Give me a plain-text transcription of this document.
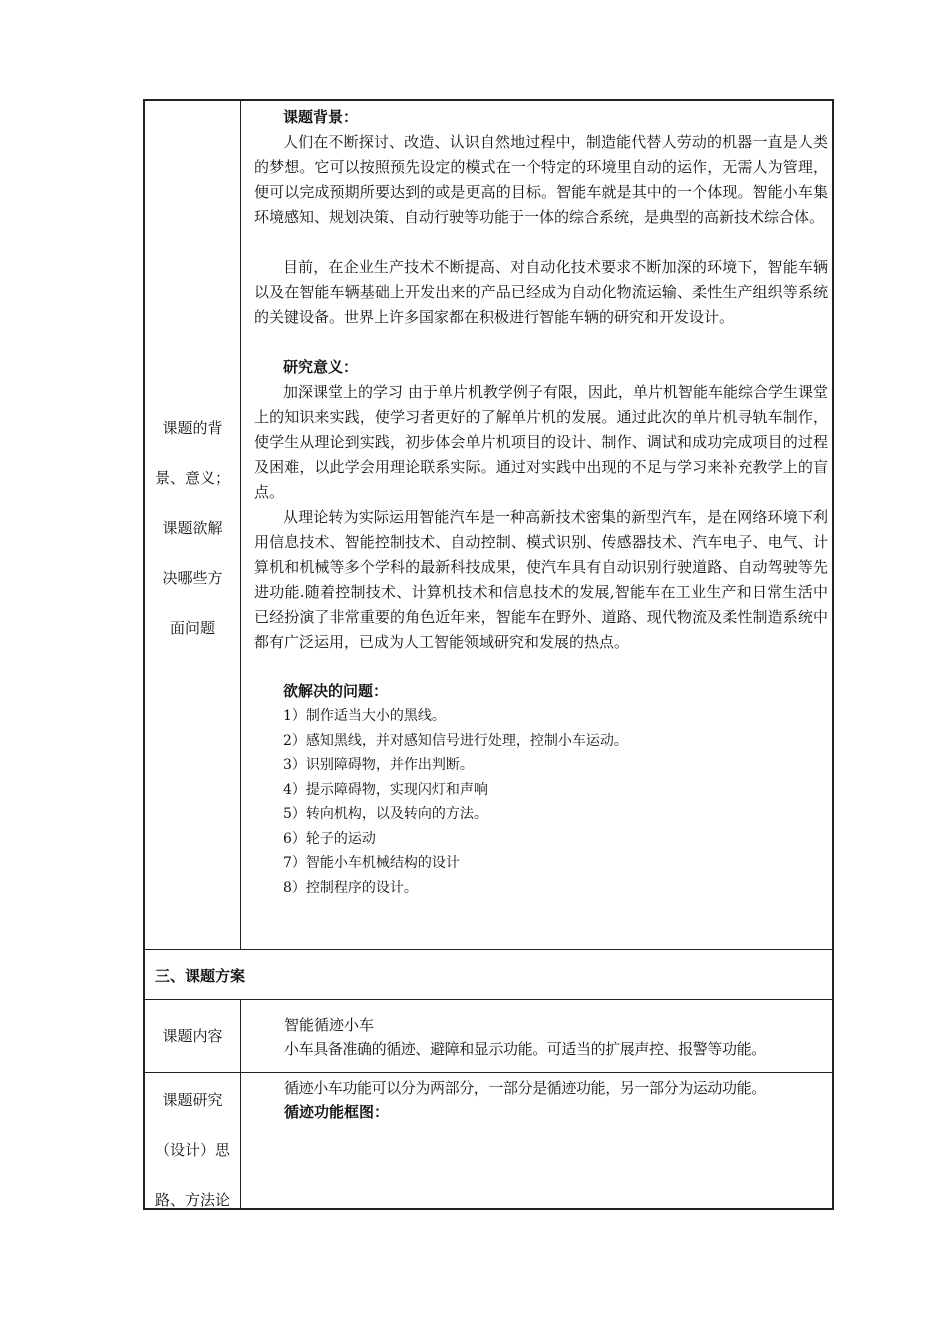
课题的背
景、意义；
课题欲解
决哪些方
面问题
课题背景：
人们在不断探讨、改造、认识自然地过程中，制造能代替人劳动的机器一直是人类的梦想。它可以按照预先设定的模式在一个特定的环境里自动的运作，无需人为管理，便可以完成预期所要达到的或是更高的目标。智能车就是其中的一个体现。智能小车集环境感知、规划决策、自动行驶等功能于一体的综合系统，是典型的高新技术综合体。
目前，在企业生产技术不断提高、对自动化技术要求不断加深的环境下，智能车辆以及在智能车辆基础上开发出来的产品已经成为自动化物流运输、柔性生产组织等系统的关键设备。世界上许多国家都在积极进行智能车辆的研究和开发设计。
研究意义：
加深课堂上的学习 由于单片机教学例子有限，因此，单片机智能车能综合学生课堂上的知识来实践，使学习者更好的了解单片机的发展。通过此次的单片机寻轨车制作，使学生从理论到实践，初步体会单片机项目的设计、制作、调试和成功完成项目的过程及困难，以此学会用理论联系实际。通过对实践中出现的不足与学习来补充教学上的盲点。
从理论转为实际运用智能汽车是一种高新技术密集的新型汽车，是在网络环境下利用信息技术、智能控制技术、自动控制、模式识别、传感器技术、汽车电子、电气、计算机和机械等多个学科的最新科技成果，使汽车具有自动识别行驶道路、自动驾驶等先进功能.随着控制技术、计算机技术和信息技术的发展,智能车在工业生产和日常生活中已经扮演了非常重要的角色近年来，智能车在野外、道路、现代物流及柔性制造系统中都有广泛运用，已成为人工智能领域研究和发展的热点。
欲解决的问题：
1）制作适当大小的黑线。
2）感知黑线，并对感知信号进行处理，控制小车运动。
3）识别障碍物，并作出判断。
4）提示障碍物，实现闪灯和声响
5）转向机构，以及转向的方法。
6）轮子的运动
7）智能小车机械结构的设计
8）控制程序的设计。
三、课题方案
课题内容
智能循迹小车
小车具备准确的循迹、避障和显示功能。可适当的扩展声控、报警等功能。
课题研究
（设计）思
路、方法论
循迹小车功能可以分为两部分，一部分是循迹功能，另一部分为运动功能。
循迹功能框图：
